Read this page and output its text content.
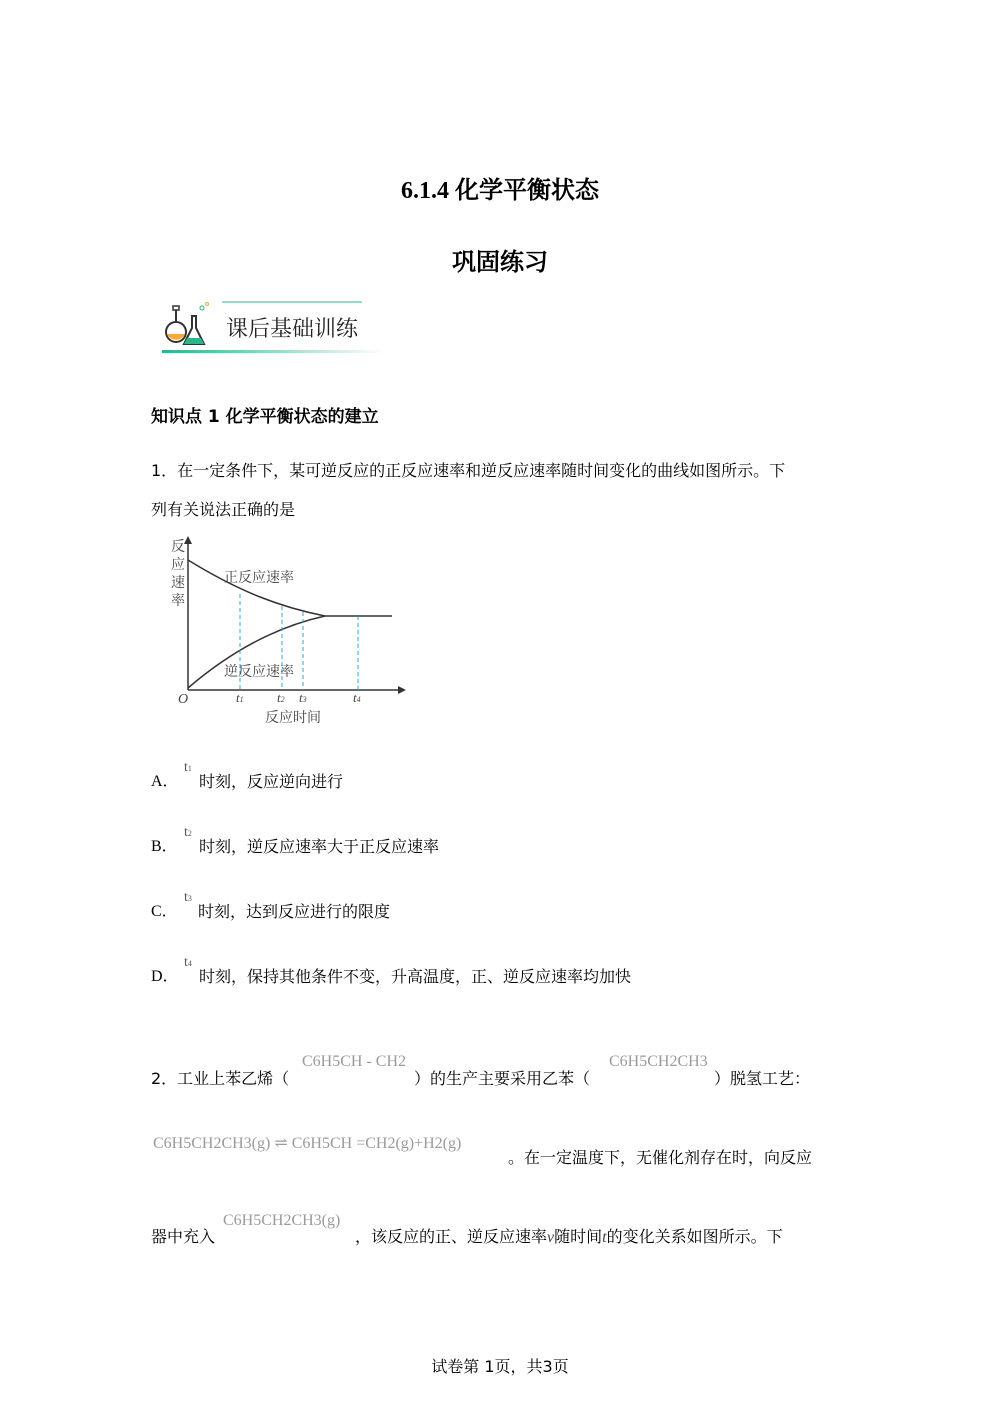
6.1.4 化学平衡状态
巩固练习
课后基础训练
知识点 1 化学平衡状态的建立
1．在一定条件下，某可逆反应的正反应速率和逆反应速率随时间变化的曲线如图所示。下
列有关说法正确的是
反
应
速
率
正反应速率
逆反应速率
O	t1	t2 t3	t4
反应时间
A．
t1
时刻，反应逆向进行
B．
t2
时刻，逆反应速率大于正反应速率
C．
t3
时刻，达到反应进行的限度
D．
t4
时刻，保持其他条件不变，升高温度，正、逆反应速率均加快
2．工业上苯乙烯（
C6H5CH - CH2
）的生产主要采用乙苯（
C6H5CH2CH3
）脱氢工艺：
C6H5CH2CH3(g) ⇌ C6H5CH =CH2(g)+H2(g)
。在一定温度下，无催化剂存在时，向反应
器中充入
C6H5CH2CH3(g)
，该反应的正、逆反应速率v随时间t的变化关系如图所示。下
试卷第 1页，共3页
